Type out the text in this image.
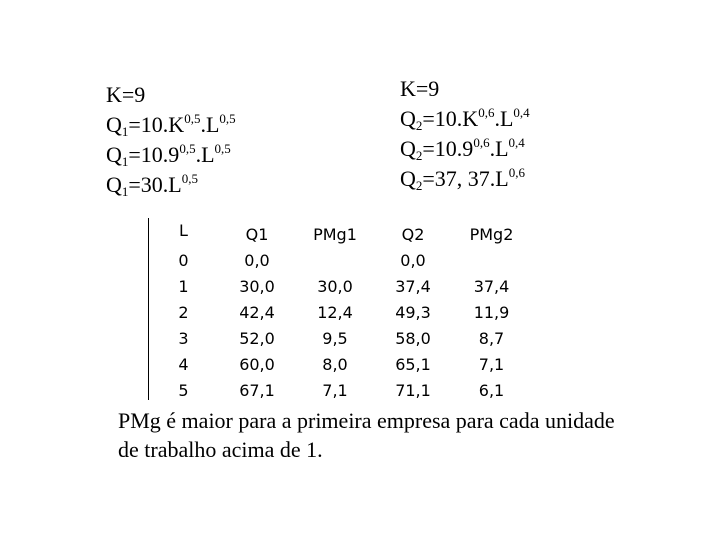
K=9
$Q_1=10.K^{0,5}.L^{0,5}$
$Q_1=10.9^{0,5}.L^{0,5}$
$Q_1=30.L^{0,5}$
K=9
$Q_2=10.K^{0,6}.L^{0,4}$
$Q_2=10.9^{0,6}.L^{0,4}$
$Q_2=37$, $37.L^{0,6}$
L
0
1
2
3
4
5
Q1
0,0
30,0
42,4
52,0
60,0
67,1
PMg1
30,0
12,4
9,5
8,0
7,1
Q2
0,0
37,4
49,3
58,0
65,1
71,1
PMg2
37,4
11,9
8,7
7,1
6,1
PMg é maior para a primeira empresa para cada unidade de trabalho acima de 1.
